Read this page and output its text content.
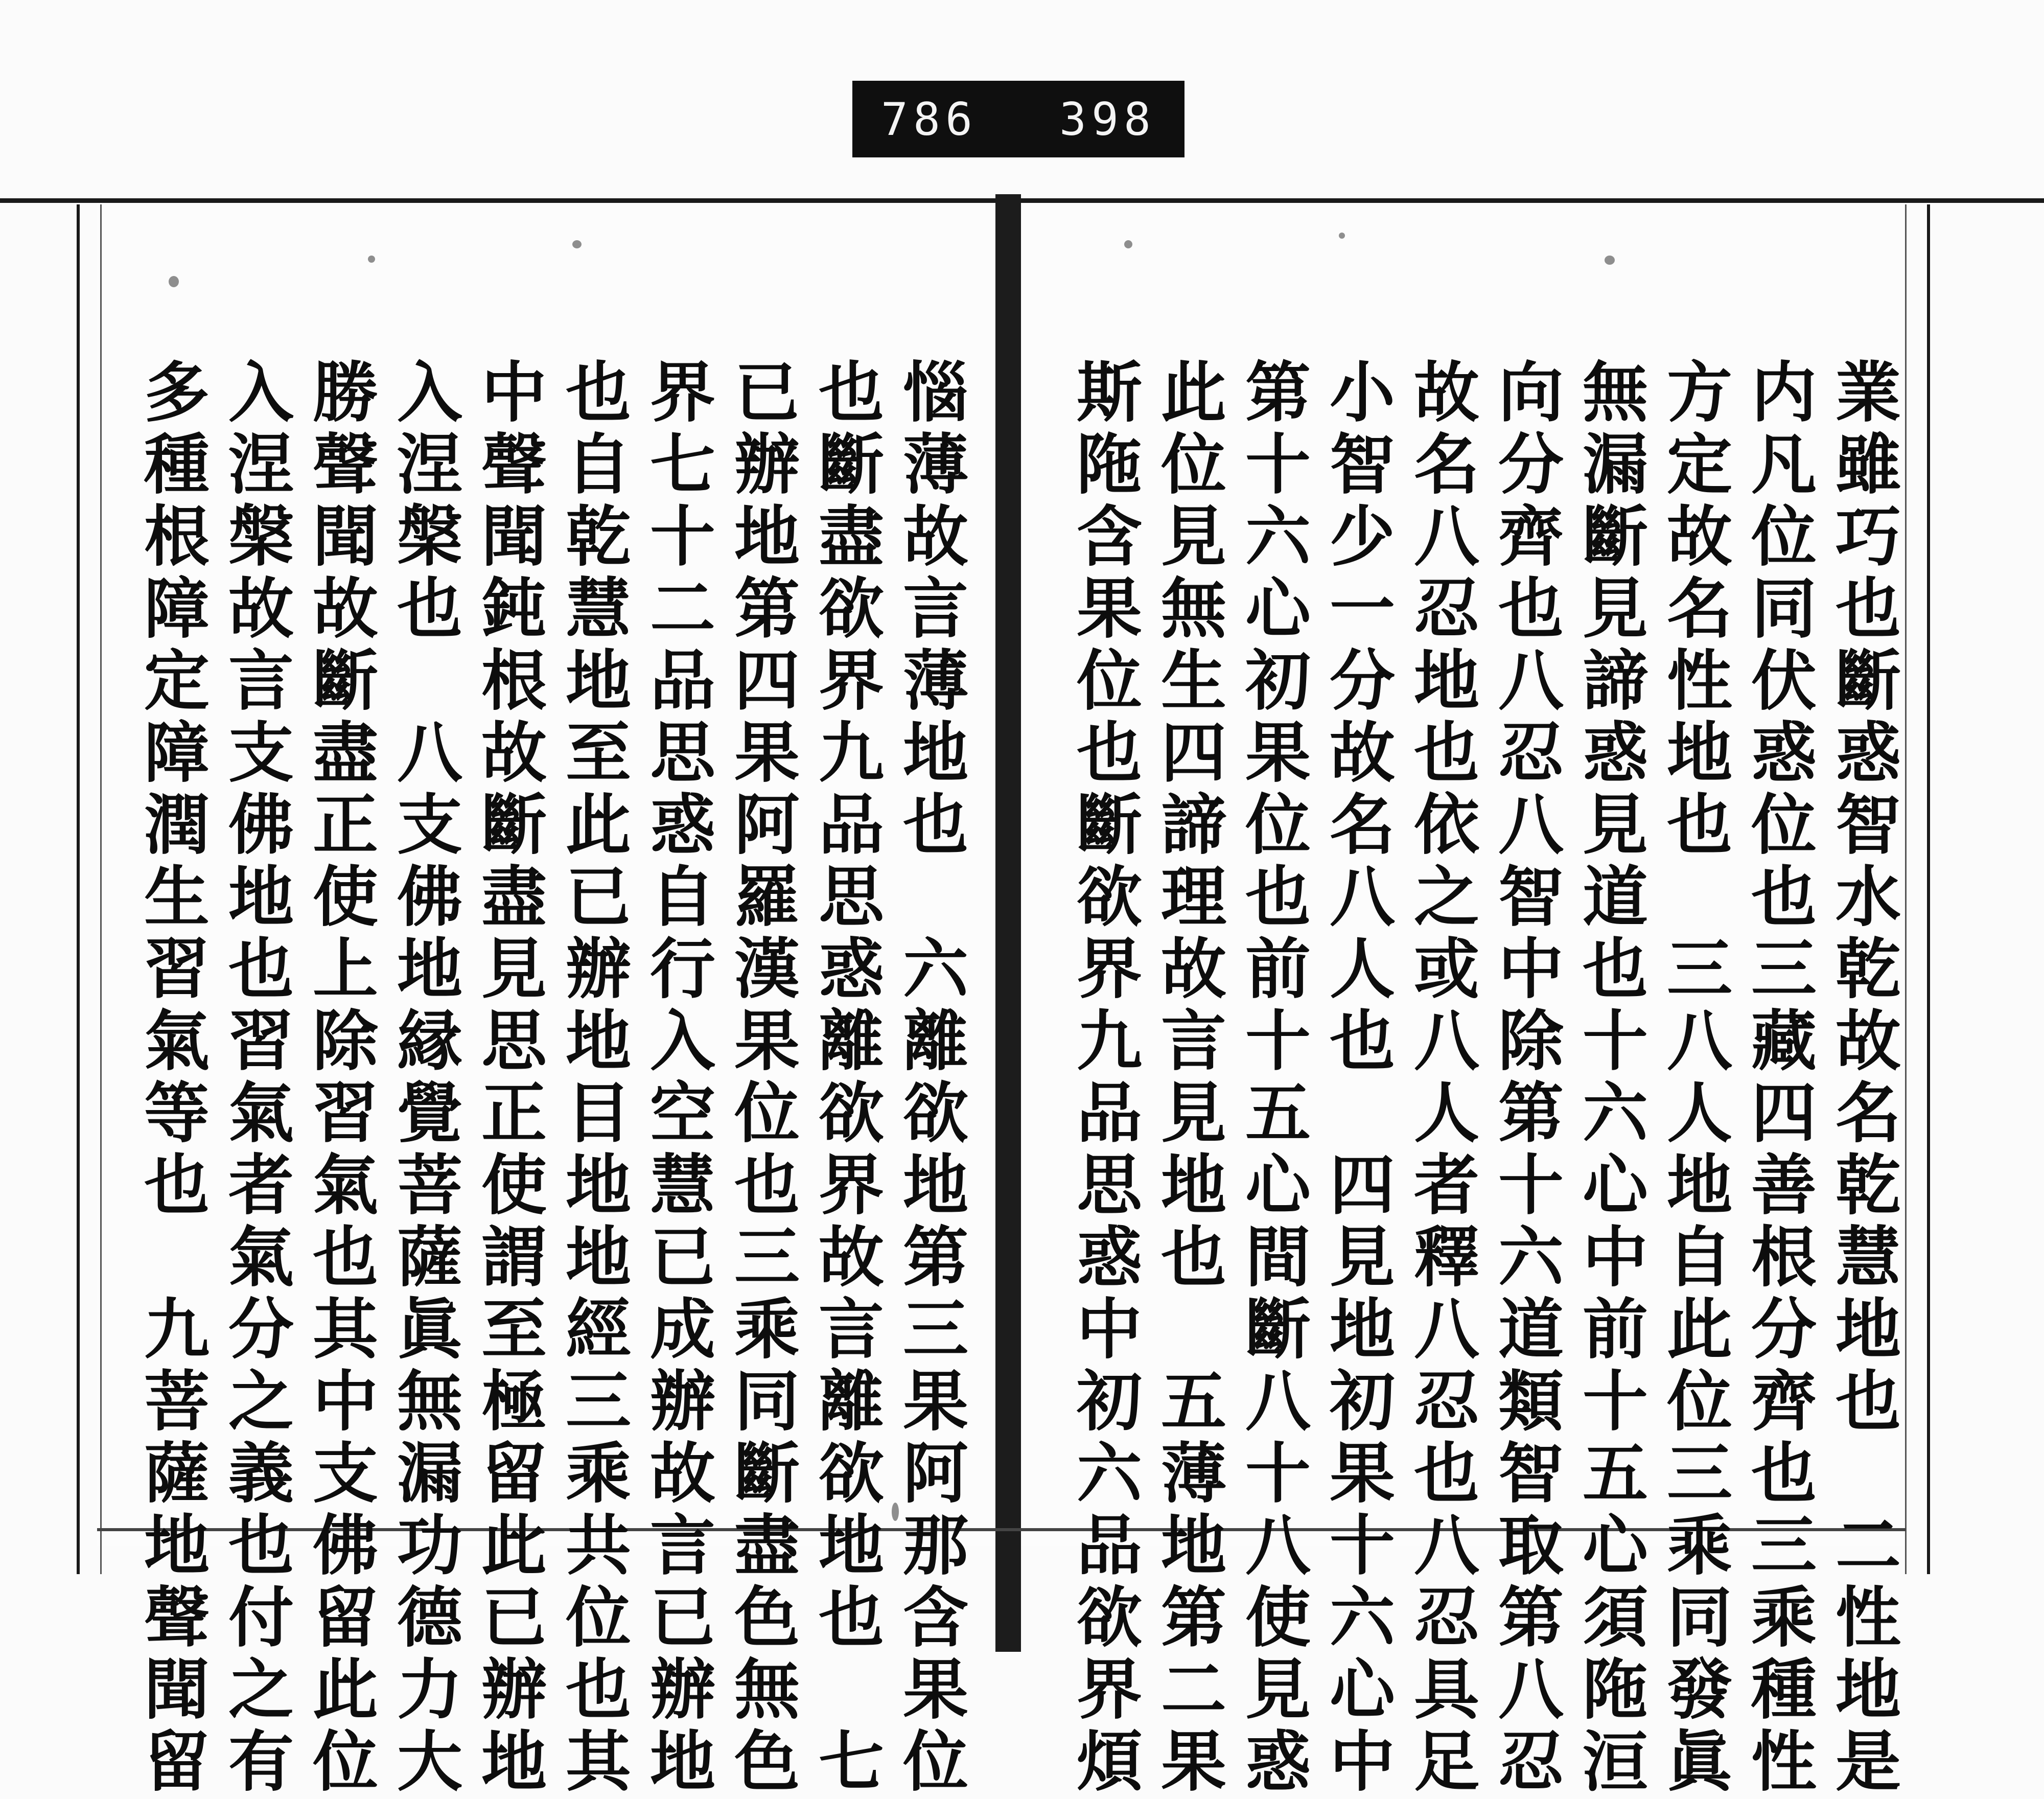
786 398
業雖巧也斷惑智水乾故名乾慧地也　二性地是
内凡位同伏惑位也三藏四善根分齊也三乘種性
方定故名性地也　三八人地自此位三乘同發眞
無漏斷見諦惑見道也十六心中前十五心須陁洹
向分齊也八忍八智中除第十六道類智取第八忍
故名八忍地也依之或八人者釋八忍也八忍具足
小智少一分故名八人也　四見地初果十六心中
第十六心初果位也前十五心間斷八十八使見惑
此位見無生四諦理故言見地也　五薄地第二果
斯陁含果位也斷欲界九品思惑中初六品欲界煩
惱薄故言薄地也　六離欲地第三果阿那含果位
也斷盡欲界九品思惑離欲界故言離欲地也　七
已辦地第四果阿羅漢果位也三乘同斷盡色無色
界七十二品思惑自行入空慧已成辦故言已辦地
也自乾慧地至此已辦地目地地經三乘共位也其
中聲聞鈍根故斷盡見思正使謂至極留此已辦地
入涅槃也　八支佛地縁覺菩薩眞無漏功德力大
勝聲聞故斷盡正使上除習氣也其中支佛留此位
入涅槃故言支佛地也習氣者氣分之義也付之有
多種根障定障潤生習氣等也　九菩薩地聲聞留
